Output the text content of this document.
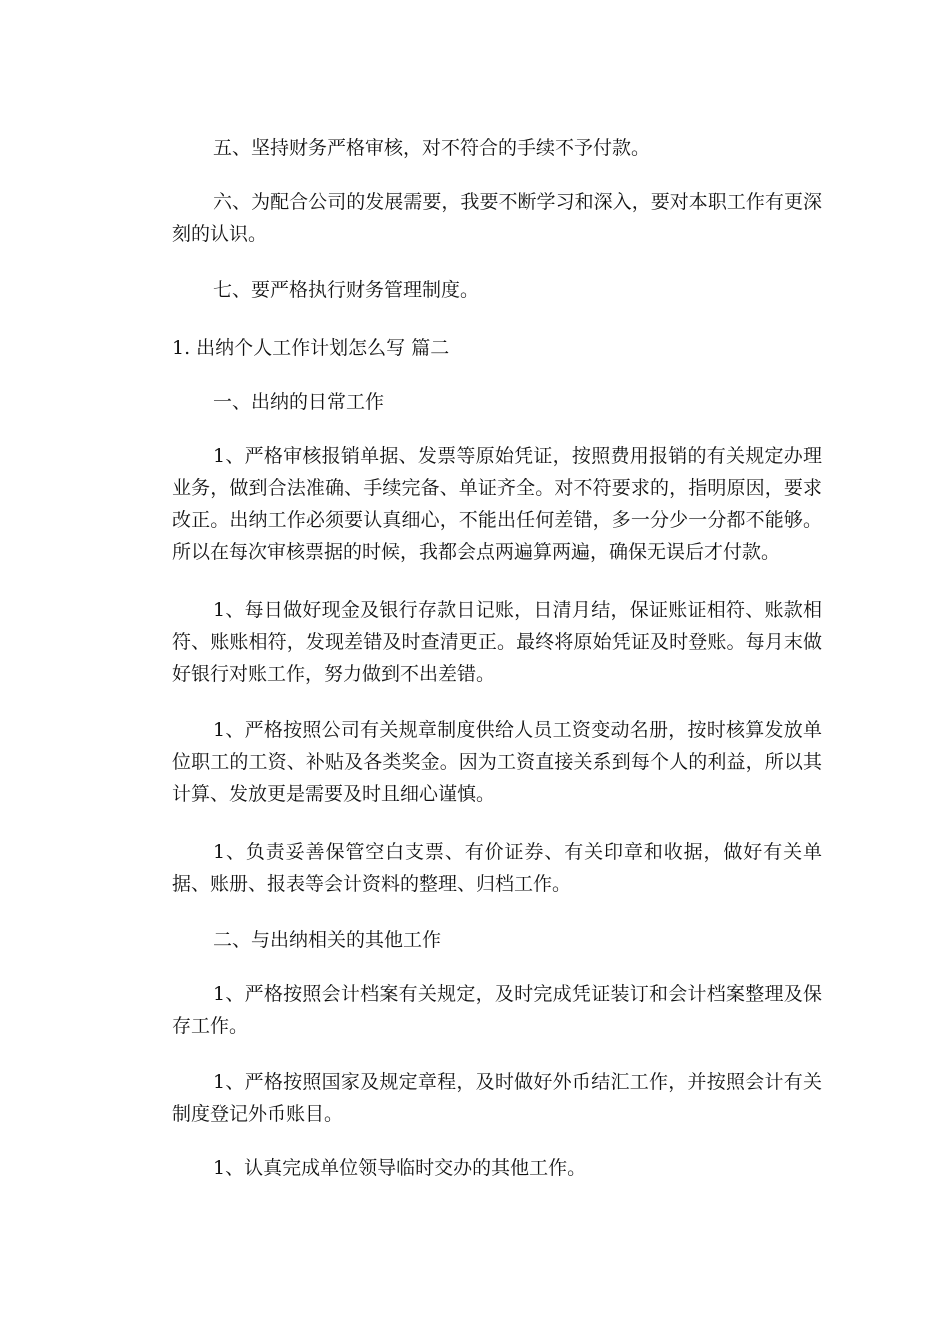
五、坚持财务严格审核，对不符合的手续不予付款。

六、为配合公司的发展需要，我要不断学习和深入，要对本职工作有更深刻的认识。

七、要严格执行财务管理制度。

1. 出纳个人工作计划怎么写 篇二

一、出纳的日常工作

1、严格审核报销单据、发票等原始凭证，按照费用报销的有关规定办理业务，做到合法准确、手续完备、单证齐全。对不符要求的，指明原因，要求改正。出纳工作必须要认真细心，不能出任何差错，多一分少一分都不能够。所以在每次审核票据的时候，我都会点两遍算两遍，确保无误后才付款。

1、每日做好现金及银行存款日记账，日清月结，保证账证相符、账款相符、账账相符，发现差错及时查清更正。最终将原始凭证及时登账。每月末做好银行对账工作，努力做到不出差错。

1、严格按照公司有关规章制度供给人员工资变动名册，按时核算发放单位职工的工资、补贴及各类奖金。因为工资直接关系到每个人的利益，所以其计算、发放更是需要及时且细心谨慎。

1、负责妥善保管空白支票、有价证券、有关印章和收据，做好有关单据、账册、报表等会计资料的整理、归档工作。

二、与出纳相关的其他工作

1、严格按照会计档案有关规定，及时完成凭证装订和会计档案整理及保存工作。

1、严格按照国家及规定章程，及时做好外币结汇工作，并按照会计有关制度登记外币账目。

1、认真完成单位领导临时交办的其他工作。
